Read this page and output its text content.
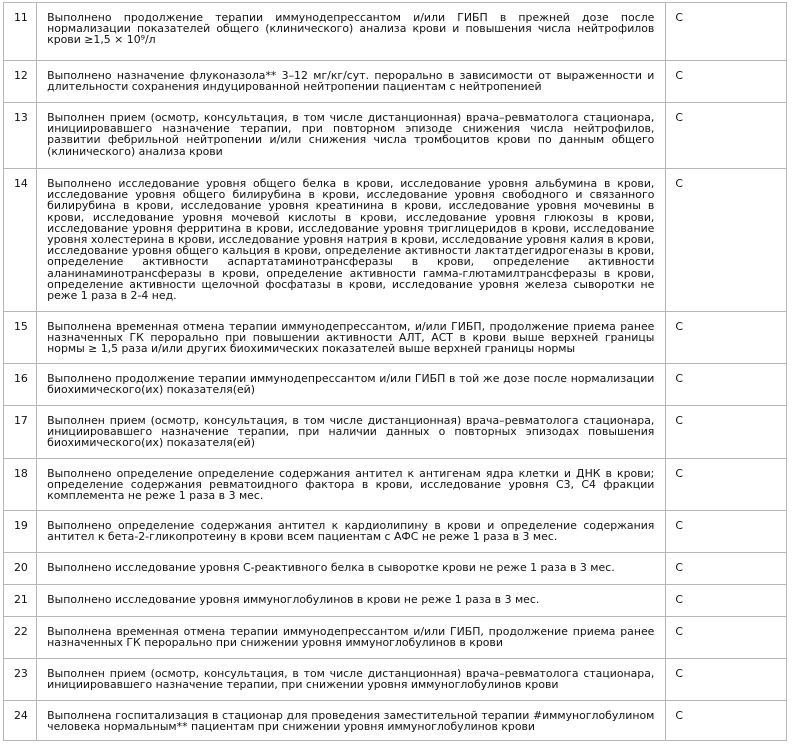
11	Выполнено продолжение терапии иммунодепрессантом и/или ГИБП в прежней дозе после нормализации показателей общего (клинического) анализа крови и повышения числа нейтрофилов крови ≥1,5 × 10⁹/л	C
12	Выполнено назначение флуконазола** 3–12 мг/кг/сут. перорально в зависимости от выраженности и длительности сохранения индуцированной нейтропении пациентам с нейтропенией	C
13	Выполнен прием (осмотр, консультация, в том числе дистанционная) врача–ревматолога стационара, инициировавшего назначение терапии, при повторном эпизоде снижения числа нейтрофилов, развитии фебрильной нейтропении и/или снижения числа тромбоцитов крови по данным общего (клинического) анализа крови	C
14	Выполнено исследование уровня общего белка в крови, исследование уровня альбумина в крови, исследование уровня общего билирубина в крови, исследование уровня свободного и связанного билирубина в крови, исследование уровня креатинина в крови, исследование уровня мочевины в крови, исследование уровня мочевой кислоты в крови, исследование уровня глюкозы в крови, исследование уровня ферритина в крови, исследование уровня триглицеридов в крови, исследование уровня холестерина в крови, исследование уровня натрия в крови, исследование уровня калия в крови, исследование уровня общего кальция в крови, определение активности лактатдегидрогеназы в крови, определение активности аспартатаминотрансферазы в крови, определение активности аланинаминотрансферазы в крови, определение активности гамма-глютамилтрансферазы в крови, определение активности щелочной фосфатазы в крови, исследование уровня железа сыворотки не реже 1 раза в 2-4 нед.	C
15	Выполнена временная отмена терапии иммунодепрессантом, и/или ГИБП, продолжение приема ранее назначенных ГК перорально при повышении активности АЛТ, АСТ в крови выше верхней границы нормы ≥ 1,5 раза и/или других биохимических показателей выше верхней границы нормы	C
16	Выполнено продолжение терапии иммунодепрессантом и/или ГИБП в той же дозе после нормализации биохимического(их) показателя(ей)	C
17	Выполнен прием (осмотр, консультация, в том числе дистанционная) врача–ревматолога стационара, инициировавшего назначение терапии, при наличии данных о повторных эпизодах повышения биохимического(их) показателя(ей)	C
18	Выполнено определение определение содержания антител к антигенам ядра клетки и ДНК в крови; определение содержания ревматоидного фактора в крови, исследование уровня С3, С4 фракции комплемента не реже 1 раза в 3 мес.	C
19	Выполнено определение содержания антител к кардиолипину в крови и определение содержания антител к бета-2-гликопротеину в крови всем пациентам с АФС не реже 1 раза в 3 мес.	C
20	Выполнено исследование уровня С-реактивного белка в сыворотке крови не реже 1 раза в 3 мес.	C
21	Выполнено исследование уровня иммуноглобулинов в крови не реже 1 раза в 3 мес.	C
22	Выполнена временная отмена терапии иммунодепрессантом и/или ГИБП, продолжение приема ранее назначенных ГК перорально при снижении уровня иммуноглобулинов в крови	C
23	Выполнен прием (осмотр, консультация, в том числе дистанционная) врача–ревматолога стационара, инициировавшего назначение терапии, при снижении уровня иммуноглобулинов крови	C
24	Выполнена госпитализация в стационар для проведения заместительной терапии #иммуноглобулином человека нормальным** пациентам при снижении уровня иммуноглобулинов крови	C
